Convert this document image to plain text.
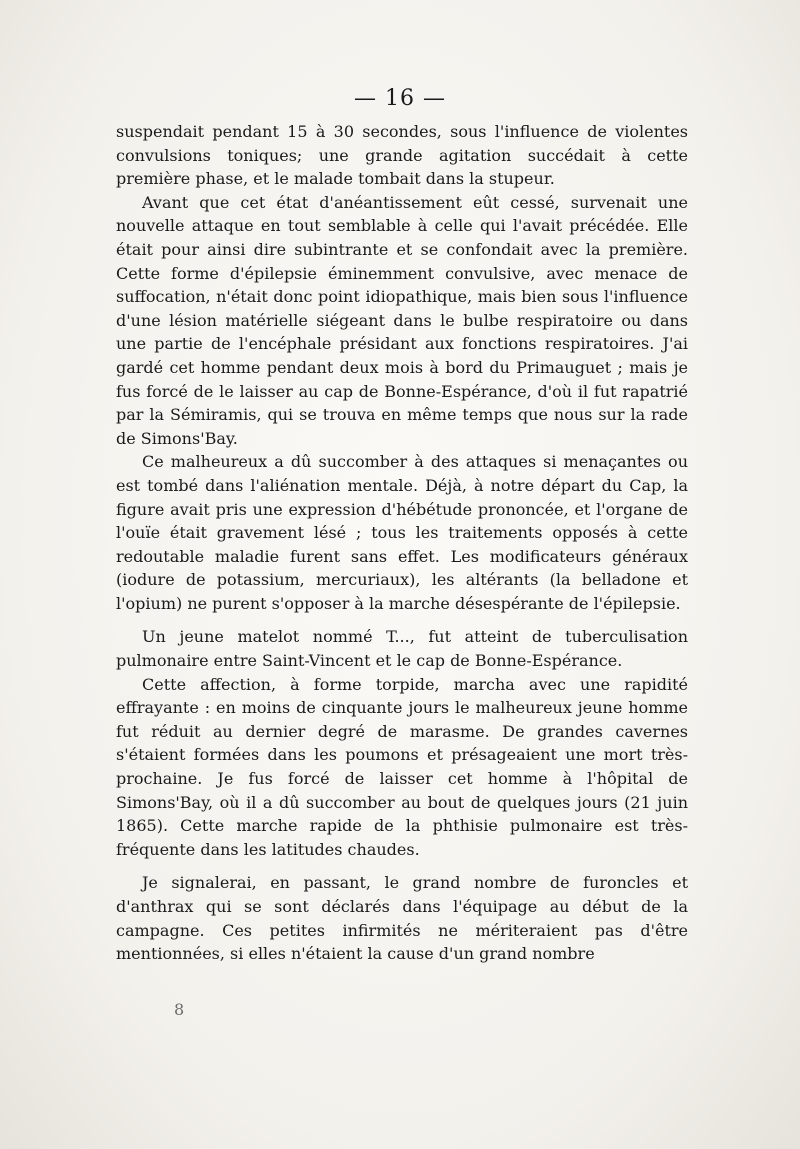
— 16 —

suspendait pendant 15 à 30 secondes, sous l'influence de violentes convulsions toniques; une grande agitation succédait à cette première phase, et le malade tombait dans la stupeur.

Avant que cet état d'anéantissement eût cessé, survenait une nouvelle attaque en tout semblable à celle qui l'avait précédée. Elle était pour ainsi dire subintrante et se confondait avec la première. Cette forme d'épilepsie éminemment convulsive, avec menace de suffocation, n'était donc point idiopathique, mais bien sous l'influence d'une lésion matérielle siégeant dans le bulbe respiratoire ou dans une partie de l'encéphale présidant aux fonctions respiratoires. J'ai gardé cet homme pendant deux mois à bord du Primauguet ; mais je fus forcé de le laisser au cap de Bonne-Espérance, d'où il fut rapatrié par la Sémiramis, qui se trouva en même temps que nous sur la rade de Simons'Bay.

Ce malheureux a dû succomber à des attaques si menaçantes ou est tombé dans l'aliénation mentale. Déjà, à notre départ du Cap, la figure avait pris une expression d'hébétude prononcée, et l'organe de l'ouïe était gravement lésé ; tous les traitements opposés à cette redoutable maladie furent sans effet. Les modificateurs généraux (iodure de potassium, mercuriaux), les altérants (la belladone et l'opium) ne purent s'opposer à la marche désespérante de l'épilepsie.

Un jeune matelot nommé T..., fut atteint de tuberculisation pulmonaire entre Saint-Vincent et le cap de Bonne-Espérance.

Cette affection, à forme torpide, marcha avec une rapidité effrayante : en moins de cinquante jours le malheureux jeune homme fut réduit au dernier degré de marasme. De grandes cavernes s'étaient formées dans les poumons et présageaient une mort très-prochaine. Je fus forcé de laisser cet homme à l'hôpital de Simons'Bay, où il a dû succomber au bout de quelques jours (21 juin 1865). Cette marche rapide de la phthisie pulmonaire est très-fréquente dans les latitudes chaudes.

Je signalerai, en passant, le grand nombre de furoncles et d'anthrax qui se sont déclarés dans l'équipage au début de la campagne. Ces petites infirmités ne mériteraient pas d'être mentionnées, si elles n'étaient la cause d'un grand nombre

8
